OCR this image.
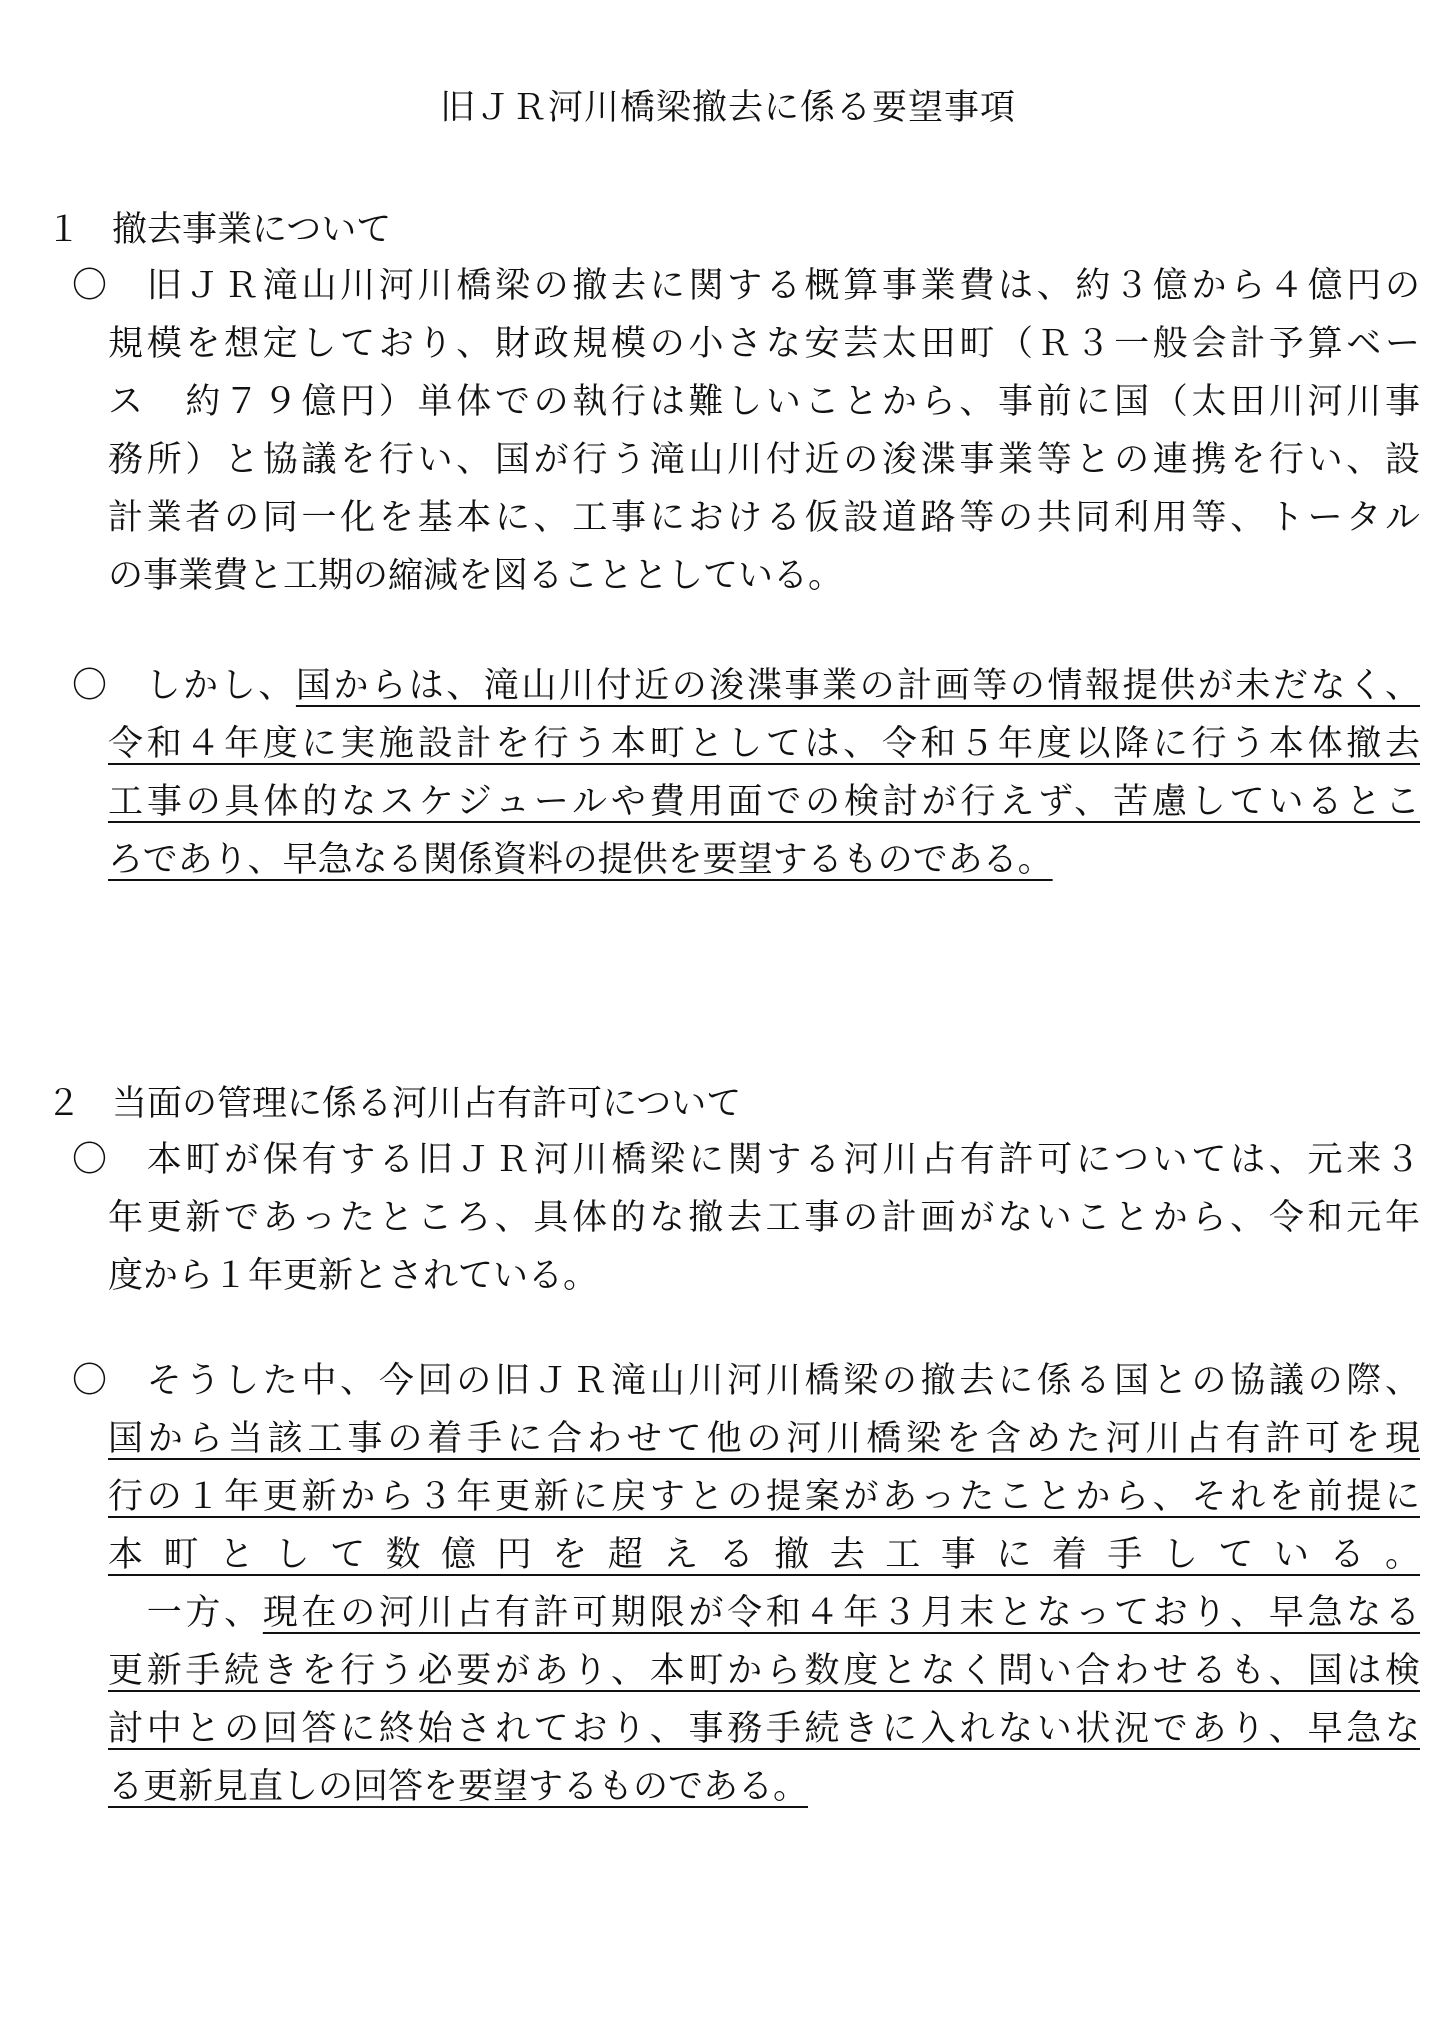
旧ＪＲ河川橋梁撤去に係る要望事項
１ 撤去事業について
〇 　旧ＪＲ滝山川河川橋梁の撤去に関する概算事業費は、約３億から４億円の
規模を想定しており、財政規模の小さな安芸太田町（Ｒ３一般会計予算ベー
ス　約７９億円）単体での執行は難しいことから、事前に国（太田川河川事
務所）と協議を行い、国が行う滝山川付近の浚渫事業等との連携を行い、設
計業者の同一化を基本に、工事における仮設道路等の共同利用等、トータル
の事業費と工期の縮減を図ることとしている。
〇 　しかし、国からは、滝山川付近の浚渫事業の計画等の情報提供が未だなく、
令和４年度に実施設計を行う本町としては、令和５年度以降に行う本体撤去
工事の具体的なスケジュールや費用面での検討が行えず、苦慮しているとこ
ろであり、早急なる関係資料の提供を要望するものである。
２ 当面の管理に係る河川占有許可について
〇 　本町が保有する旧ＪＲ河川橋梁に関する河川占有許可については、元来３
年更新であったところ、具体的な撤去工事の計画がないことから、令和元年
度から１年更新とされている。
〇 　そうした中、今回の旧ＪＲ滝山川河川橋梁の撤去に係る国との協議の際、
国から当該工事の着手に合わせて他の河川橋梁を含めた河川占有許可を現
行の１年更新から３年更新に戻すとの提案があったことから、それを前提に
本町として数億円を超える撤去工事に着手している。
　一方、現在の河川占有許可期限が令和４年３月末となっており、早急なる
更新手続きを行う必要があり、本町から数度となく問い合わせるも、国は検
討中との回答に終始されており、事務手続きに入れない状況であり、早急な
る更新見直しの回答を要望するものである。
